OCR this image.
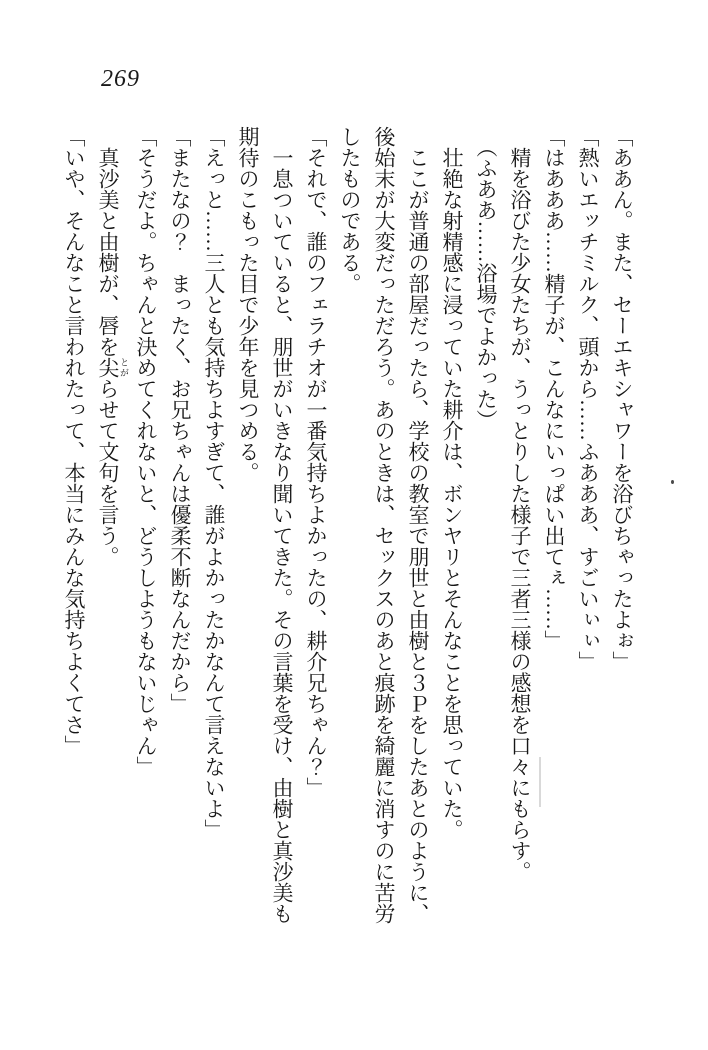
269

「ああん。また、セーエキシャワーを浴びちゃったよぉ」

「熱いエッチミルク、頭から……ふあああ、すごいぃぃ」

「はあああ……精子が、こんなにいっぱい出てぇ……」

　精を浴びた少女たちが、うっとりした様子で三者三様の感想を口々にもらす。

　（ふああ……浴場でよかった）

　壮絶な射精感に浸っていた耕介は、ボンヤリとそんなことを思っていた。

　ここが普通の部屋だったら、学校の教室で朋世と由樹と３Ｐをしたあとのように、後始末が大変だっただろう。あのときは、セックスのあと痕跡を綺麗に消すのに苦労したものである。

「それで、誰のフェラチオが一番気持ちよかったの、耕介兄ちゃん？」

　一息ついていると、朋世がいきなり聞いてきた。その言葉を受け、由樹と真沙美も期待のこもった目で少年を見つめる。

「えっと……三人とも気持ちよすぎて、誰がよかったかなんて言えないよ」

「またなの？　まったく、お兄ちゃんは優柔不断なんだから」

「そうだよ。ちゃんと決めてくれないと、どうしようもないじゃん」

　真沙美と由樹が、唇を尖 とがらせて文句を言う。

「いや、そんなこと言われたって、本当にみんな気持ちよくてさ」
